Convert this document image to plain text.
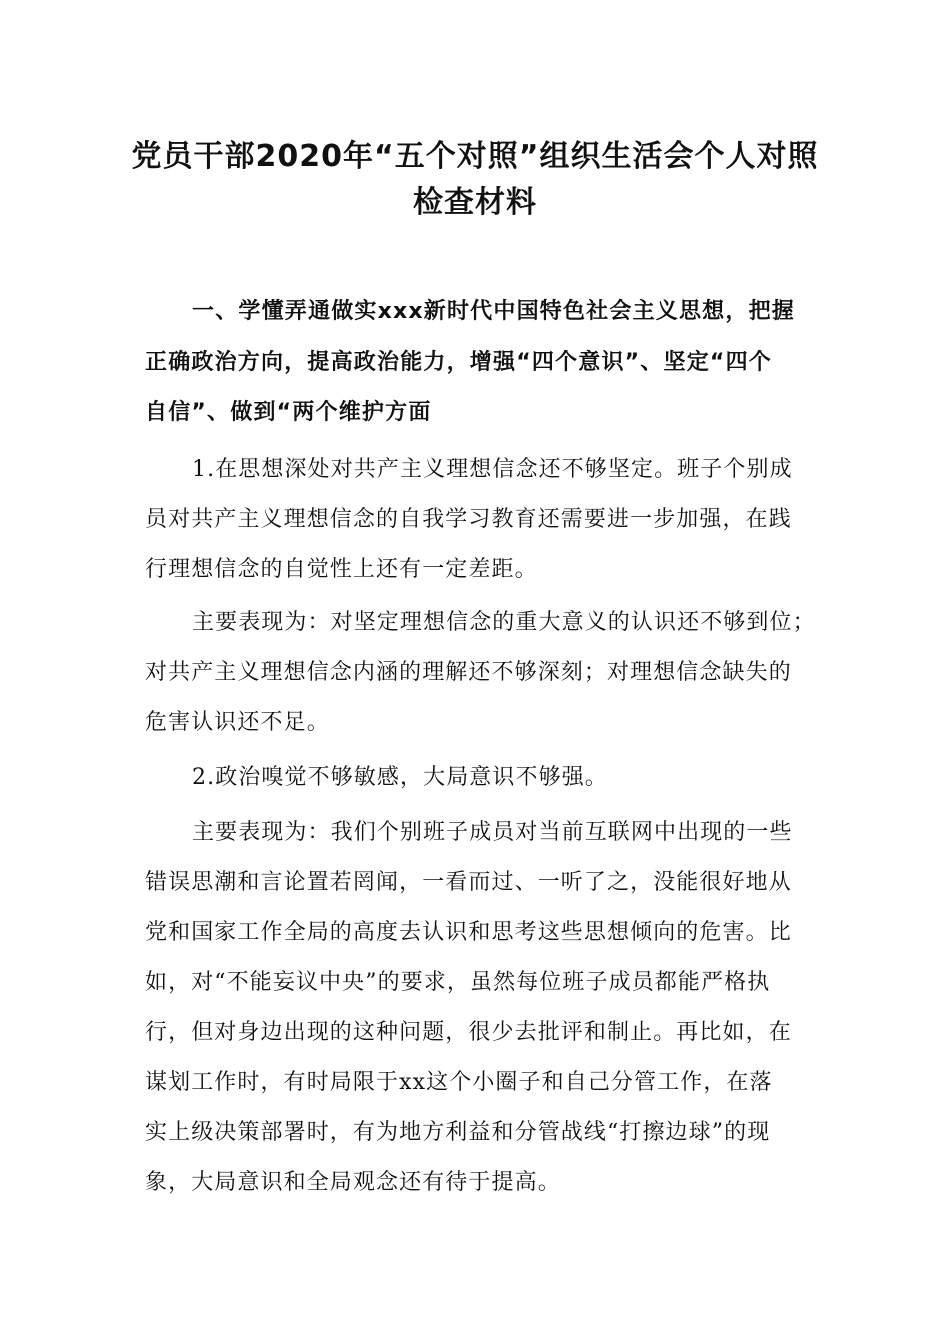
党员干部2020年“五个对照”组织生活会个人对照
检查材料
一、学懂弄通做实xxx新时代中国特色社会主义思想，把握
正确政治方向，提高政治能力，增强“四个意识”、坚定“四个
自信”、做到“两个维护方面
1.在思想深处对共产主义理想信念还不够坚定。班子个别成
员对共产主义理想信念的自我学习教育还需要进一步加强，在践
行理想信念的自觉性上还有一定差距。
主要表现为：对坚定理想信念的重大意义的认识还不够到位；
对共产主义理想信念内涵的理解还不够深刻；对理想信念缺失的
危害认识还不足。
2.政治嗅觉不够敏感，大局意识不够强。
主要表现为：我们个别班子成员对当前互联网中出现的一些
错误思潮和言论置若罔闻，一看而过、一听了之，没能很好地从
党和国家工作全局的高度去认识和思考这些思想倾向的危害。比
如，对“不能妄议中央”的要求，虽然每位班子成员都能严格执
行，但对身边出现的这种问题，很少去批评和制止。再比如，在
谋划工作时，有时局限于xx这个小圈子和自己分管工作，在落
实上级决策部署时，有为地方利益和分管战线“打擦边球”的现
象，大局意识和全局观念还有待于提高。
